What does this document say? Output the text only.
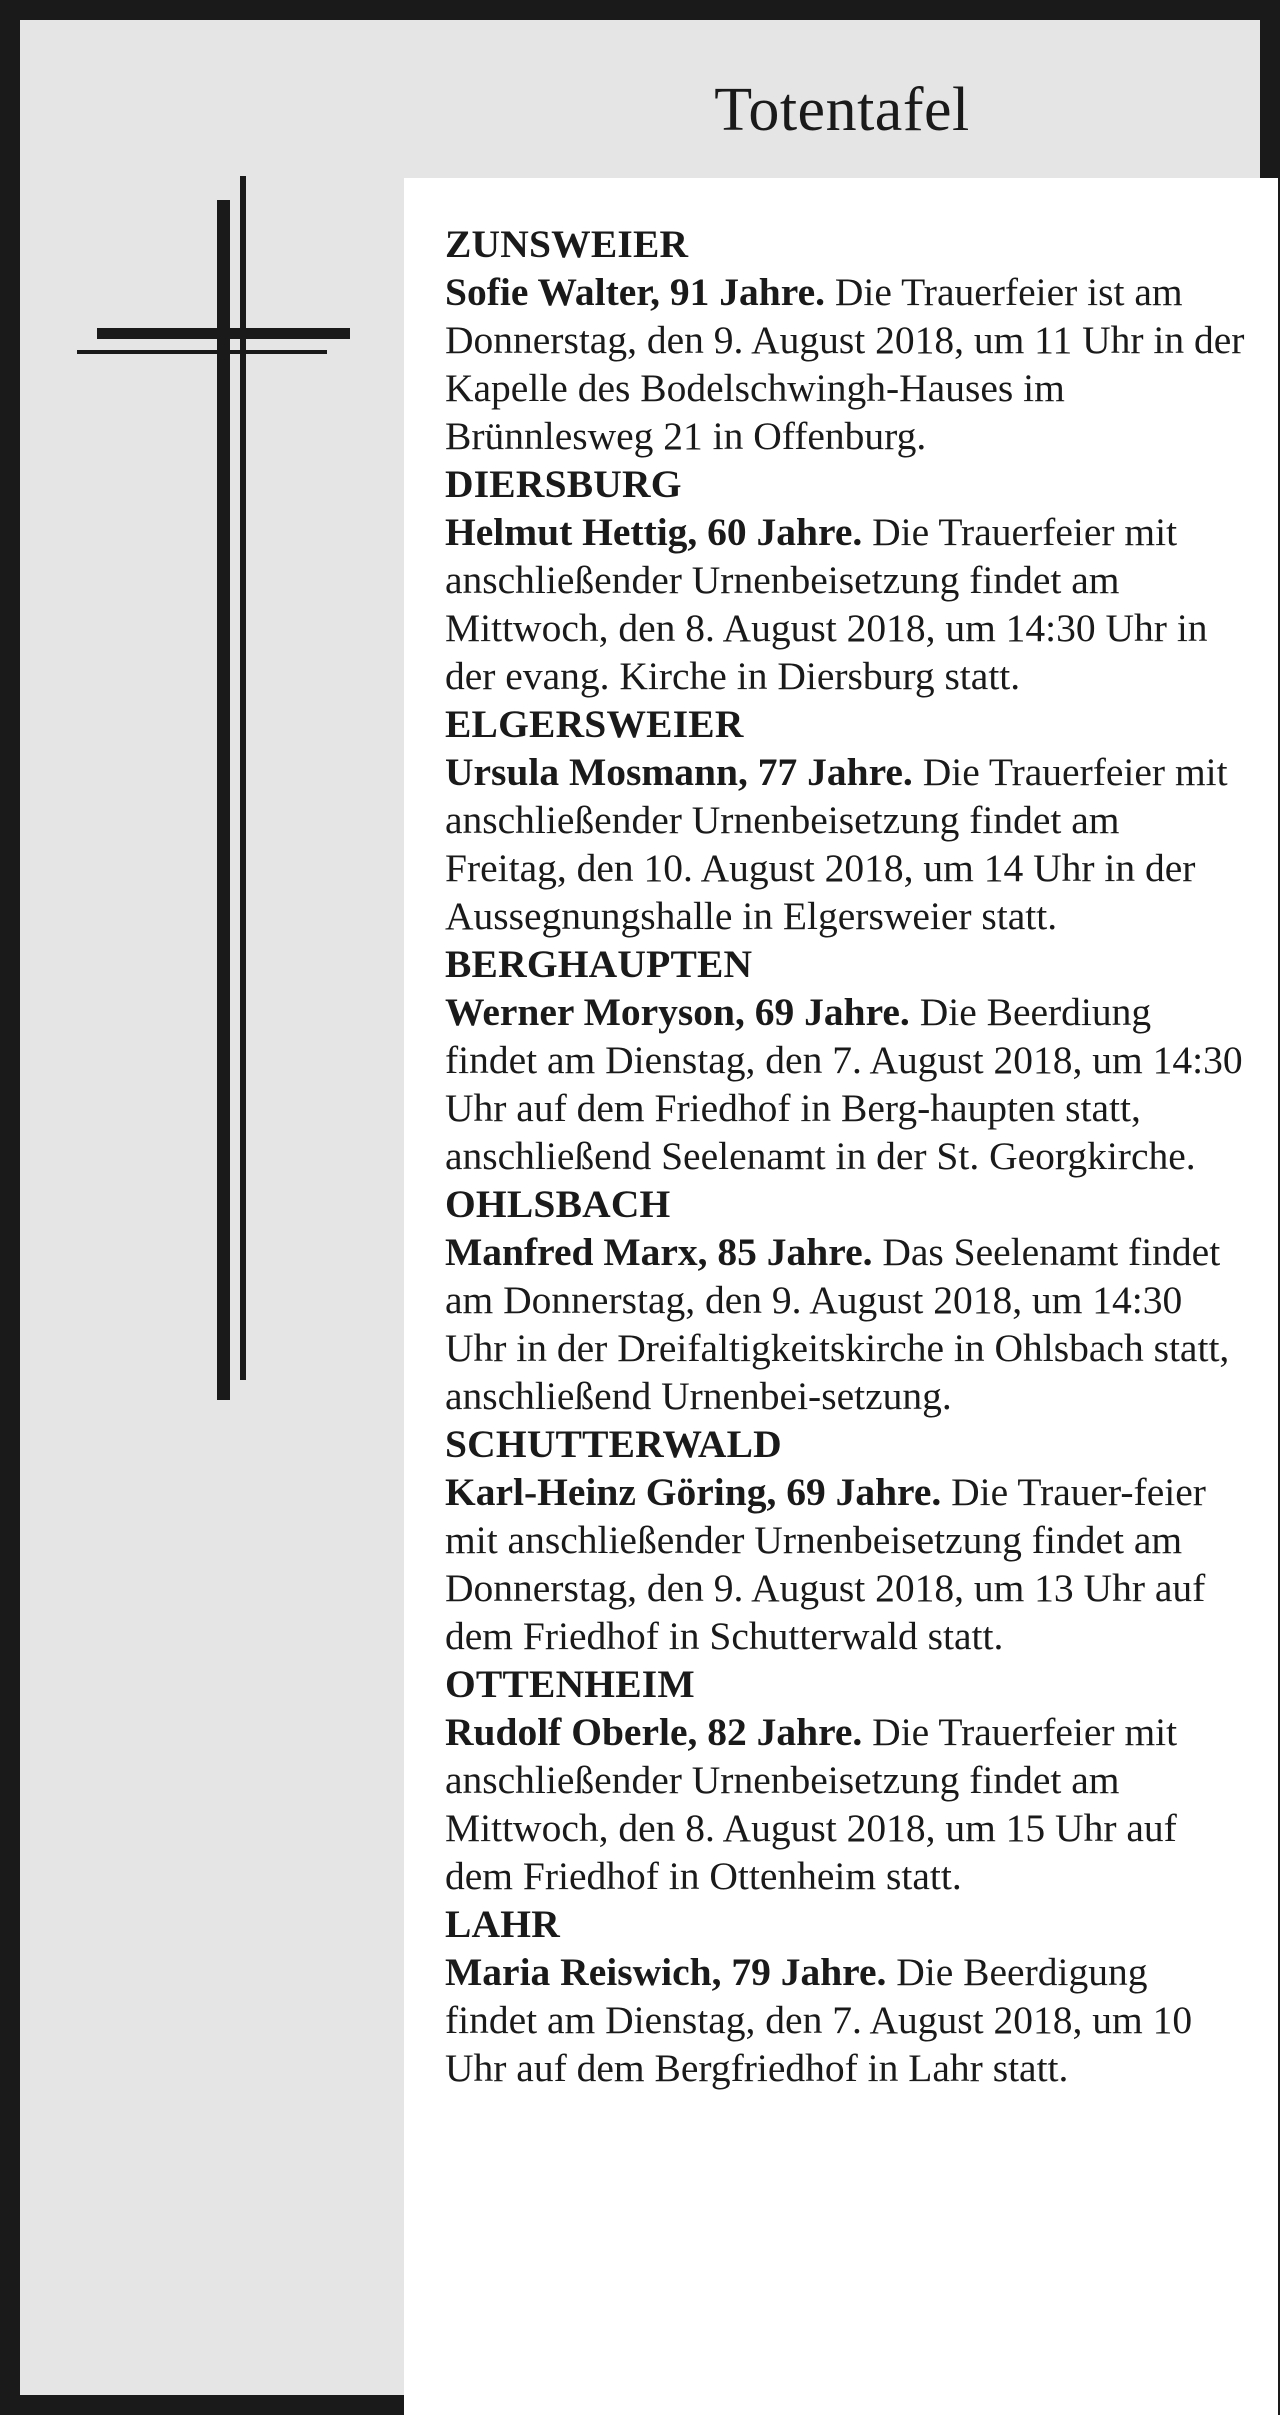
Totentafel
ZUNSWEIER
Sofie Walter, 91 Jahre. Die Trauerfeier ist am Donnerstag, den 9. August 2018, um 11 Uhr in der Kapelle des Bodelschwingh-Hauses im Brünnlesweg 21 in Offenburg.
DIERSBURG
Helmut Hettig, 60 Jahre. Die Trauerfeier mit anschließender Urnenbeisetzung findet am Mittwoch, den 8. August 2018, um 14:30 Uhr in der evang. Kirche in Diersburg statt.
ELGERSWEIER
Ursula Mosmann, 77 Jahre. Die Trauerfeier mit anschließender Urnenbeisetzung findet am Freitag, den 10. August 2018, um 14 Uhr in der Aussegnungshalle in Elgersweier statt.
BERGHAUPTEN
Werner Moryson, 69 Jahre. Die Beerdiung findet am Dienstag, den 7. August 2018, um 14:30 Uhr auf dem Friedhof in Berg-haupten statt, anschließend Seelenamt in der St. Georgkirche.
OHLSBACH
Manfred Marx, 85 Jahre. Das Seelenamt findet am Donnerstag, den 9. August 2018, um 14:30 Uhr in der Dreifaltigkeitskirche in Ohlsbach statt, anschließend Urnenbei-setzung.
SCHUTTERWALD
Karl-Heinz Göring, 69 Jahre. Die Trauer-feier mit anschließender Urnenbeisetzung findet am Donnerstag, den 9. August 2018, um 13 Uhr auf dem Friedhof in Schutterwald statt.
OTTENHEIM
Rudolf Oberle, 82 Jahre. Die Trauerfeier mit anschließender Urnenbeisetzung findet am Mittwoch, den 8. August 2018, um 15 Uhr auf dem Friedhof in Ottenheim statt.
LAHR
Maria Reiswich, 79 Jahre. Die Beerdigung findet am Dienstag, den 7. August 2018, um 10 Uhr auf dem Bergfriedhof in Lahr statt.
